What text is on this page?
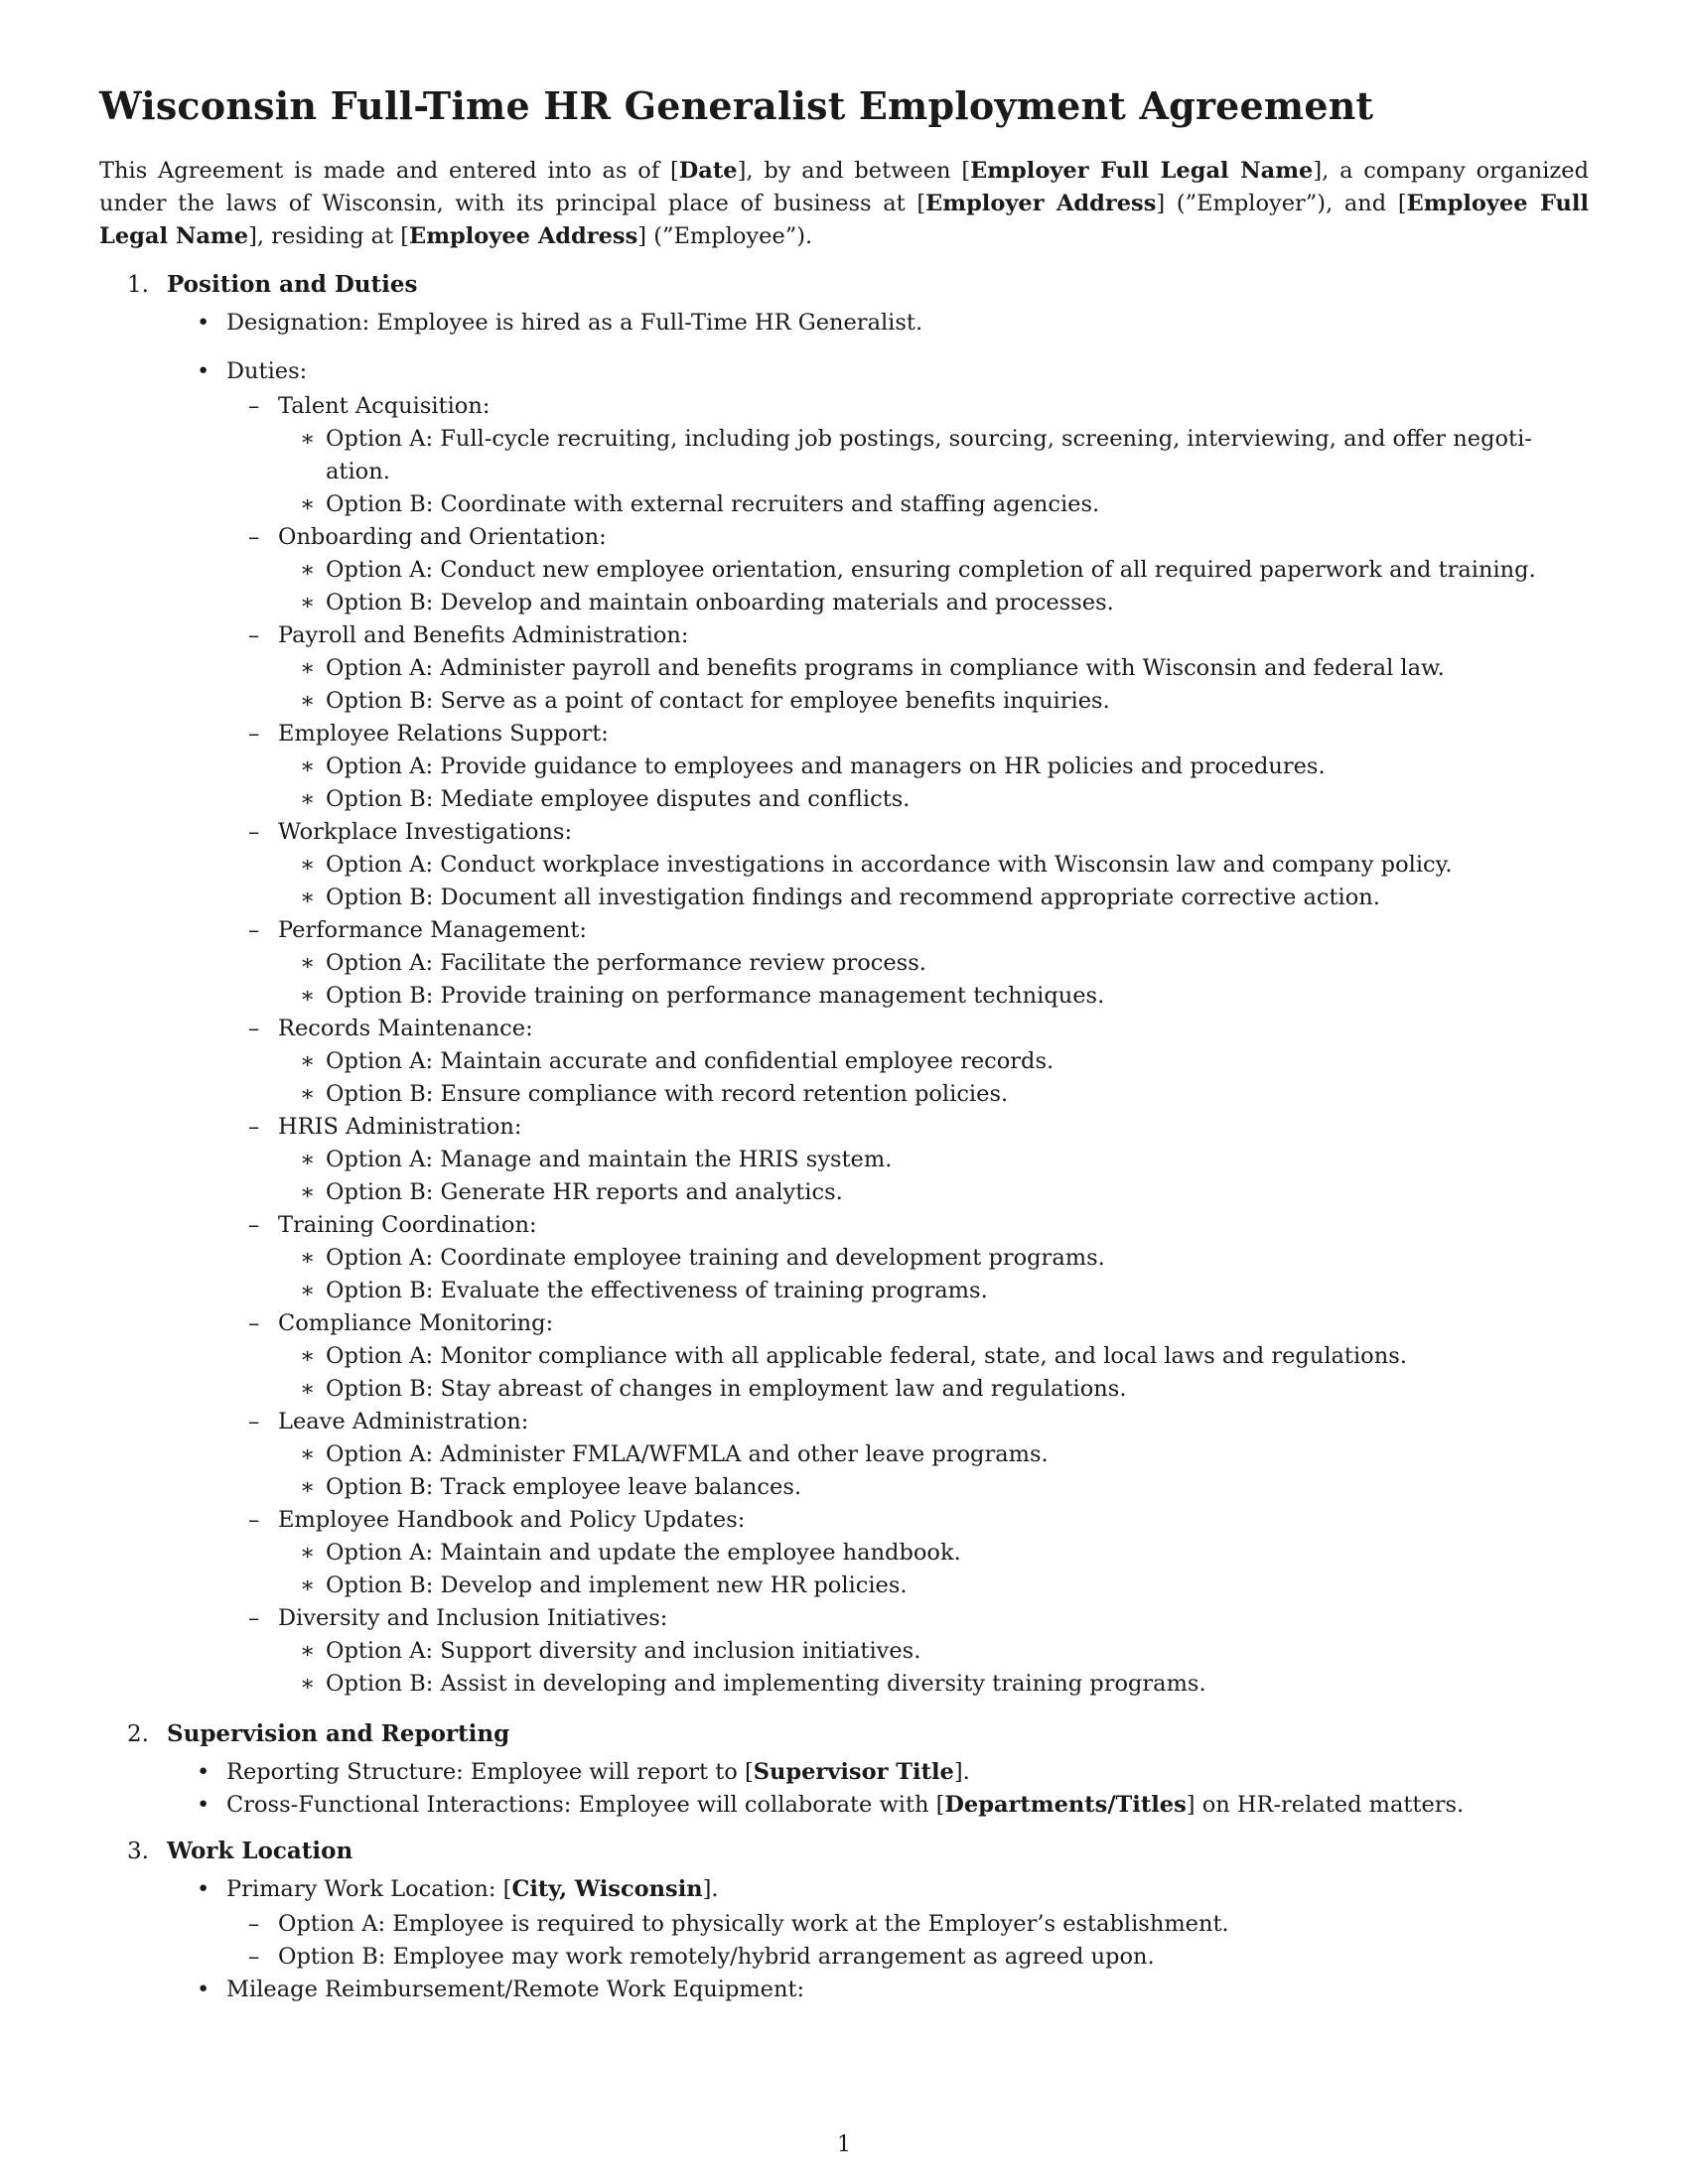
Wisconsin Full-Time HR Generalist Employment Agreement

This Agreement is made and entered into as of [Date], by and between [Employer Full Legal Name], a company organized under the laws of Wisconsin, with its principal place of business at [Employer Address] (”Employer”), and [Employee Full Legal Name], residing at [Employee Address] (”Employee”).

1. Position and Duties
• Designation: Employee is hired as a Full-Time HR Generalist.
• Duties:
– Talent Acquisition:
∗ Option A: Full-cycle recruiting, including job postings, sourcing, screening, interviewing, and offer negoti-ation.
∗ Option B: Coordinate with external recruiters and staffing agencies.
– Onboarding and Orientation:
∗ Option A: Conduct new employee orientation, ensuring completion of all required paperwork and training.
∗ Option B: Develop and maintain onboarding materials and processes.
– Payroll and Benefits Administration:
∗ Option A: Administer payroll and benefits programs in compliance with Wisconsin and federal law.
∗ Option B: Serve as a point of contact for employee benefits inquiries.
– Employee Relations Support:
∗ Option A: Provide guidance to employees and managers on HR policies and procedures.
∗ Option B: Mediate employee disputes and conflicts.
– Workplace Investigations:
∗ Option A: Conduct workplace investigations in accordance with Wisconsin law and company policy.
∗ Option B: Document all investigation findings and recommend appropriate corrective action.
– Performance Management:
∗ Option A: Facilitate the performance review process.
∗ Option B: Provide training on performance management techniques.
– Records Maintenance:
∗ Option A: Maintain accurate and confidential employee records.
∗ Option B: Ensure compliance with record retention policies.
– HRIS Administration:
∗ Option A: Manage and maintain the HRIS system.
∗ Option B: Generate HR reports and analytics.
– Training Coordination:
∗ Option A: Coordinate employee training and development programs.
∗ Option B: Evaluate the effectiveness of training programs.
– Compliance Monitoring:
∗ Option A: Monitor compliance with all applicable federal, state, and local laws and regulations.
∗ Option B: Stay abreast of changes in employment law and regulations.
– Leave Administration:
∗ Option A: Administer FMLA/WFMLA and other leave programs.
∗ Option B: Track employee leave balances.
– Employee Handbook and Policy Updates:
∗ Option A: Maintain and update the employee handbook.
∗ Option B: Develop and implement new HR policies.
– Diversity and Inclusion Initiatives:
∗ Option A: Support diversity and inclusion initiatives.
∗ Option B: Assist in developing and implementing diversity training programs.
2. Supervision and Reporting
• Reporting Structure: Employee will report to [Supervisor Title].
• Cross-Functional Interactions: Employee will collaborate with [Departments/Titles] on HR-related matters.
3. Work Location
• Primary Work Location: [City, Wisconsin].
– Option A: Employee is required to physically work at the Employer’s establishment.
– Option B: Employee may work remotely/hybrid arrangement as agreed upon.
• Mileage Reimbursement/Remote Work Equipment:
1
